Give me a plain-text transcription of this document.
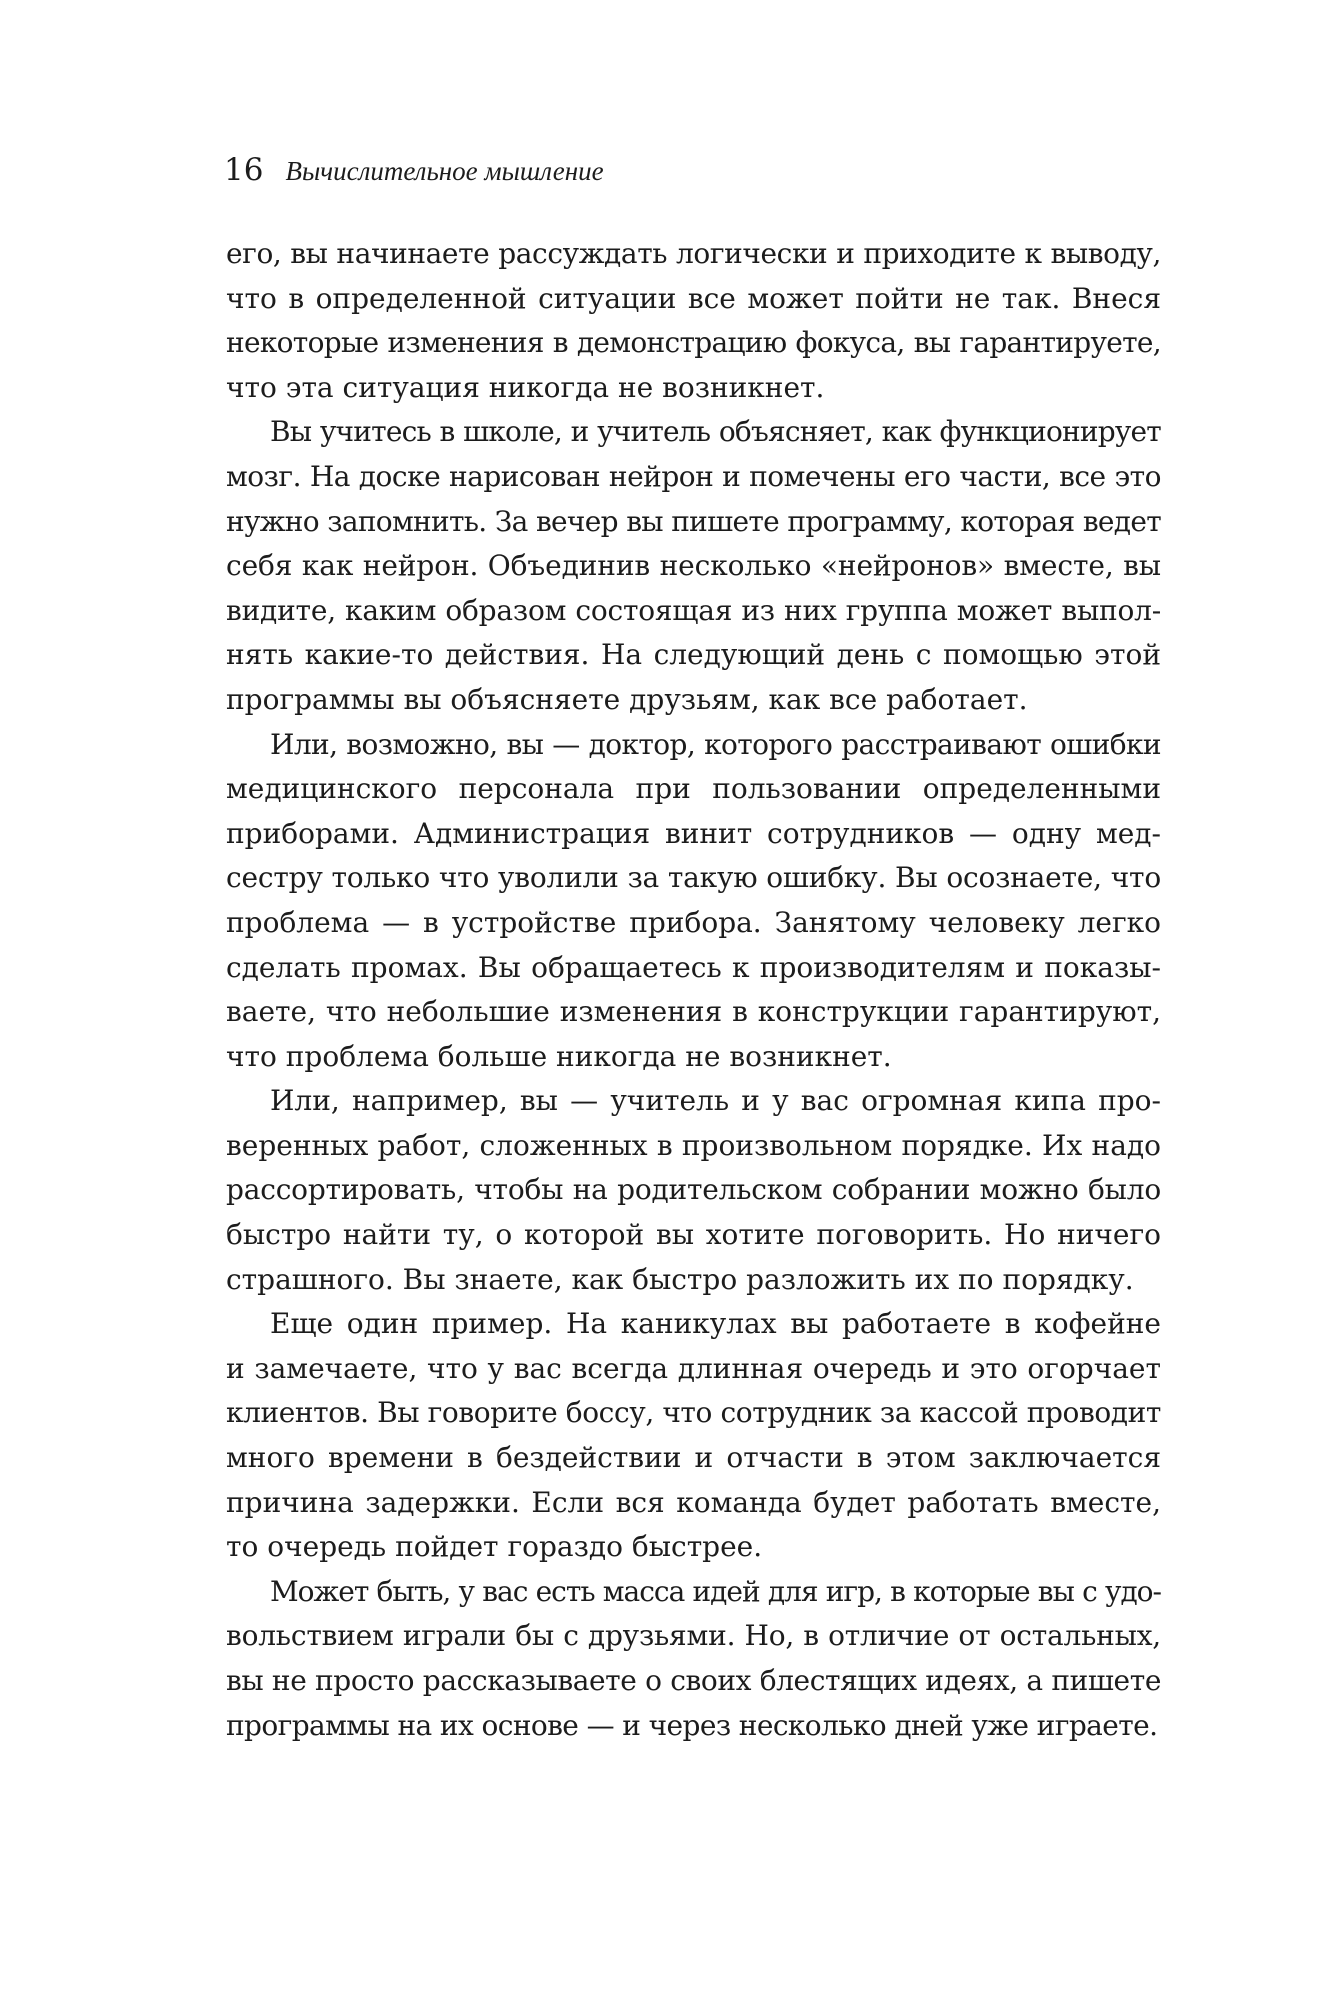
16 Вычислительное мышление

его, вы начинаете рассуждать логически и приходите к выводу,
что в определенной ситуации все может пойти не так. Внеся
некоторые изменения в демонстрацию фокуса, вы гарантируете,
что эта ситуация никогда не возникнет.

Вы учитесь в школе, и учитель объясняет, как функционирует
мозг. На доске нарисован нейрон и помечены его части, все это
нужно запомнить. За вечер вы пишете программу, которая ведет
себя как нейрон. Объединив несколько «нейронов» вместе, вы
видите, каким образом состоящая из них группа может выпол-
нять какие-то действия. На следующий день с помощью этой
программы вы объясняете друзьям, как все работает.

Или, возможно, вы — доктор, которого расстраивают ошибки
медицинского персонала при пользовании определенными
приборами. Администрация винит сотрудников — одну мед-
сестру только что уволили за такую ошибку. Вы осознаете, что
проблема — в устройстве прибора. Занятому человеку легко
сделать промах. Вы обращаетесь к производителям и показы-
ваете, что небольшие изменения в конструкции гарантируют,
что проблема больше никогда не возникнет.

Или, например, вы — учитель и у вас огромная кипа про-
веренных работ, сложенных в произвольном порядке. Их надо
рассортировать, чтобы на родительском собрании можно было
быстро найти ту, о которой вы хотите поговорить. Но ничего
страшного. Вы знаете, как быстро разложить их по порядку.

Еще один пример. На каникулах вы работаете в кофейне
и замечаете, что у вас всегда длинная очередь и это огорчает
клиентов. Вы говорите боссу, что сотрудник за кассой проводит
много времени в бездействии и отчасти в этом заключается
причина задержки. Если вся команда будет работать вместе,
то очередь пойдет гораздо быстрее.

Может быть, у вас есть масса идей для игр, в которые вы с удо-
вольствием играли бы с друзьями. Но, в отличие от остальных,
вы не просто рассказываете о своих блестящих идеях, а пишете
программы на их основе — и через несколько дней уже играете.
